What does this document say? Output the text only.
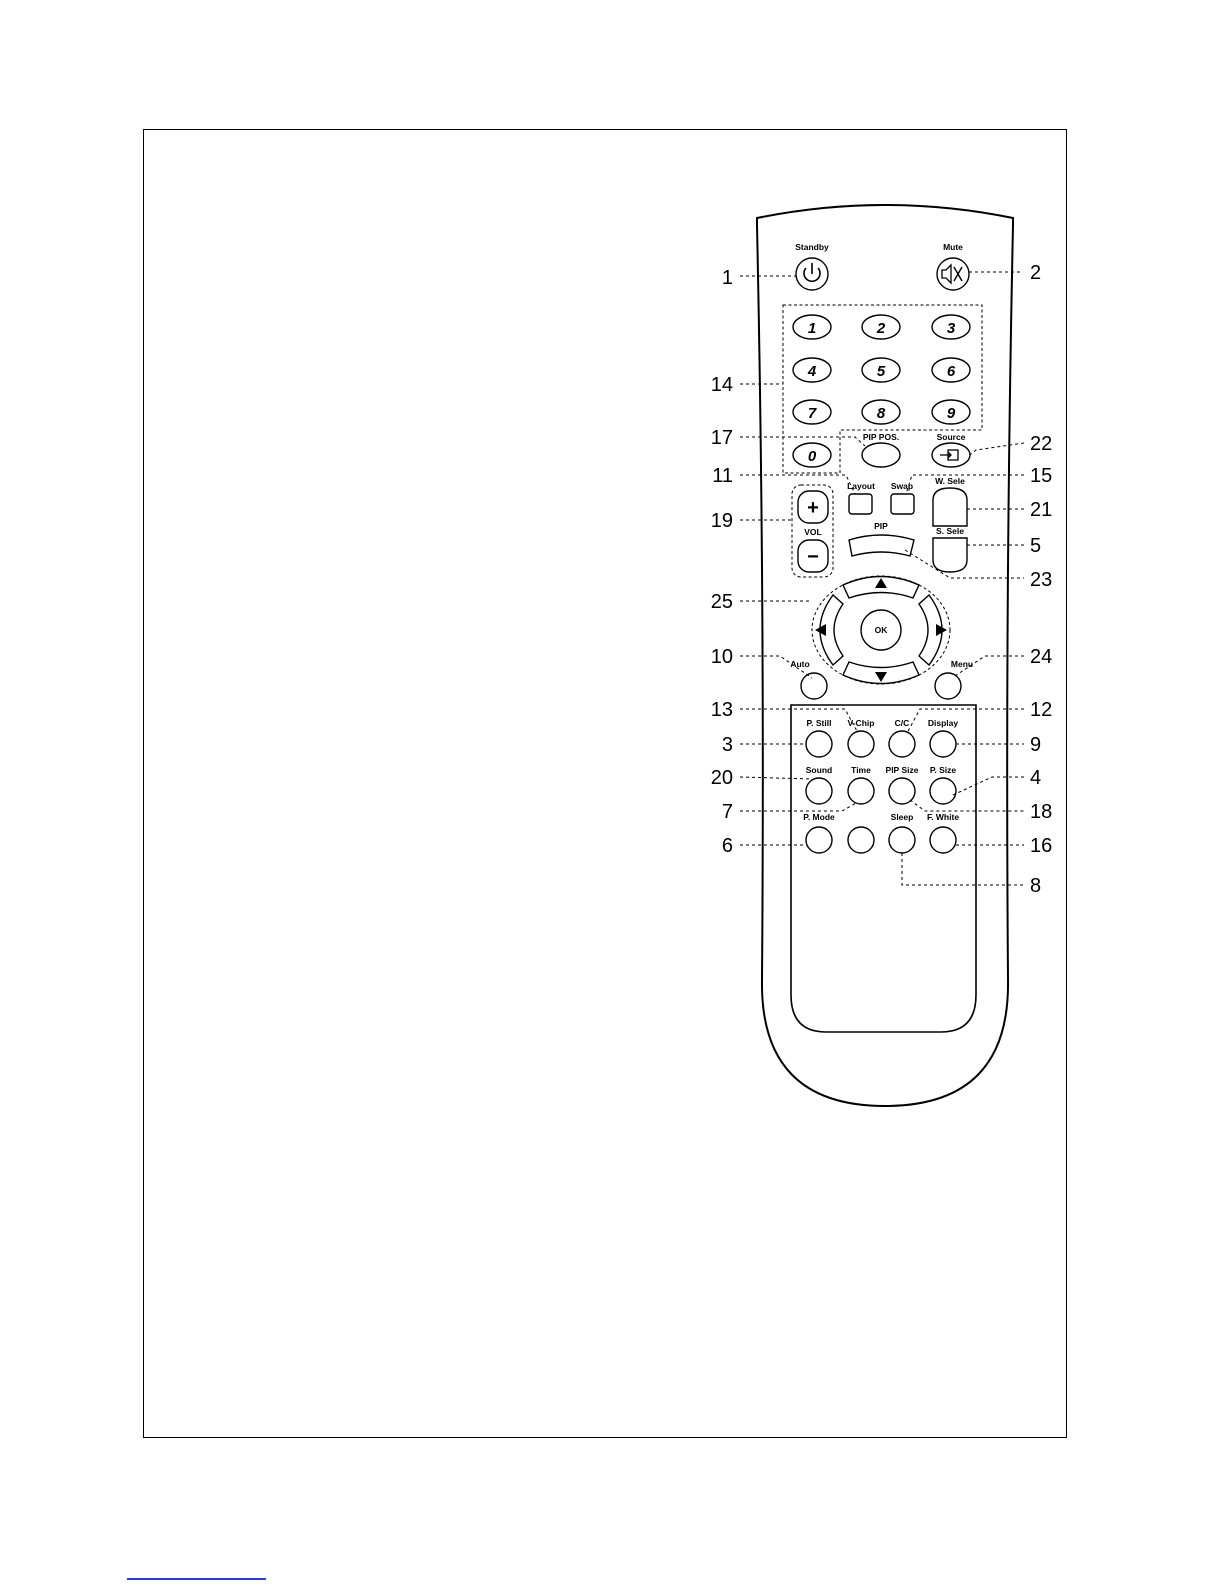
Standby	Mute
1	2	3
4	5	6
7	8	9
0
PIP POS.	Source
+
VOL
−
Layout Swap	W. Sele
PIP	S. Sele
OK
Auto	Menu
P. Still V-Chip C/C Display
Sound Time PIP Size P. Size
P. Mode	Sleep F. White
1	2
14
17	22
11	15
19	21
5
23
25
10	24
13	12
3	9
20	4
7	18
6	16
8
